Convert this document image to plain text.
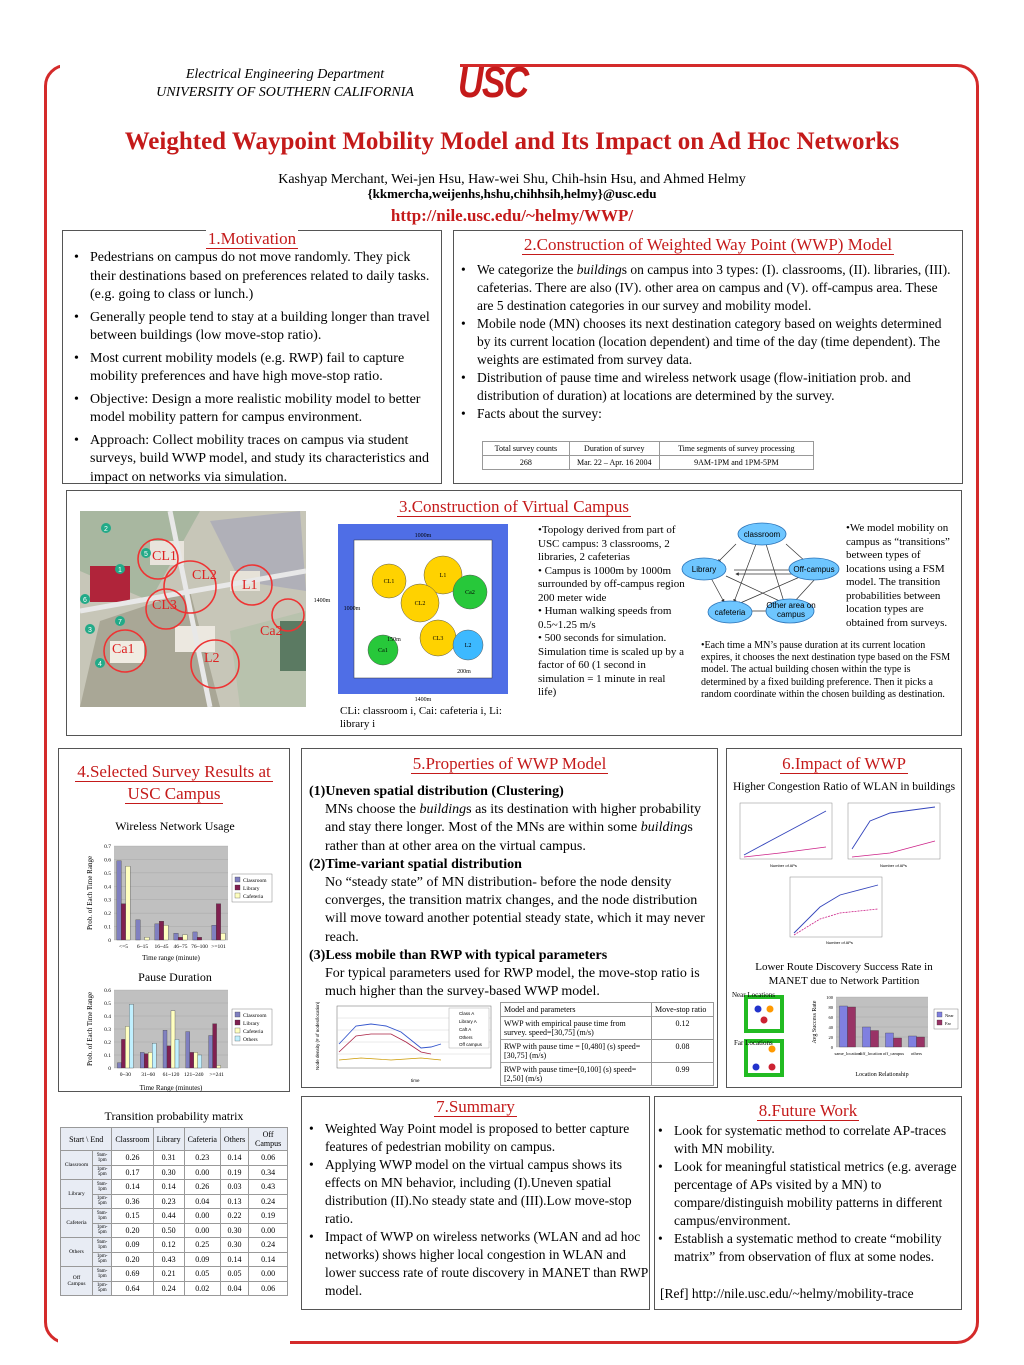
Electrical Engineering Department
UNIVERSITY OF SOUTHERN CALIFORNIA	USC
Weighted Waypoint Mobility Model and Its Impact on Ad Hoc Networks
Kashyap Merchant, Wei-jen Hsu, Haw-wei Shu, Chih-hsin Hsu, and Ahmed Helmy
{kkmercha,weijenhs,hshu,chihhsih,helmy}@usc.edu
http://nile.usc.edu/~helmy/WWP/
1.Motivation
• Pedestrians on campus do not move randomly. They pick their destinations based on preferences related to daily tasks. (e.g. going to class or lunch.)
• Generally people tend to stay at a building longer than travel between buildings (low move-stop ratio).
• Most current mobility models (e.g. RWP) fail to capture mobility preferences and have high move-stop ratio.
• Objective: Design a more realistic mobility model to better model mobility pattern for campus environment.
• Approach: Collect mobility traces on campus via student surveys, build WWP model, and study its characteristics and impact on networks via simulation.
2.Construction of Weighted Way Point (WWP) Model
• We categorize the buildings on campus into 3 types: (I). classrooms, (II). libraries, (III). cafeterias. There are also (IV). other area on campus and (V). off-campus area. These are 5 destination categories in our survey and mobility model.
• Mobile node (MN) chooses its next destination category based on weights determined by its current location (location dependent) and time of the day (time dependent). The weights are estimated from survey data.
• Distribution of pause time and wireless network usage (flow-initiation prob. and distribution of duration) at locations are determined by the survey.
• Facts about the survey:
Total survey counts	Duration of survey	Time segments of survey processing
268	Mar. 22 – Apr. 16 2004	9AM-1PM and 1PM-5PM
3.Construction of Virtual Campus
CL1
CL2
L1
CL3
Ca2
Ca1
L2
2
5
1
6
7
3
4
CL1
L1
Ca2
CL2
CL3
L2
Ca1
1000m
1400m
1000m
1400m
200m
150m
CLi: classroom i, Cai: cafeteria i, Li: library i
•Topology derived from part of USC campus: 3 classrooms, 2 libraries, 2 cafeterias
• Campus is 1000m by 1000m surrounded by off-campus region 200 meter wide
• Human walking speeds from 0.5~1.25 m/s
• 500 seconds for simulation. Simulation time is scaled up by a factor of 60 (1 second in simulation = 1 minute in real life)
classroom
Library	Off-campus
cafeteria
Other area on campus
•We model mobility on campus as “transitions” between types of locations using a FSM model. The transition probabilities between location types are obtained from surveys.
•Each time a MN’s pause duration at its current location expires, it chooses the next destination type based on the FSM model. The actual building chosen within the type is determined by a fixed building preference. Then it picks a random coordinate within the chosen building as destination.
4.Selected Survey Results at
USC Campus
Wireless Network Usage
0
0.1
0.2
0.3
0.4
0.5
0.6
0.7
<=5 6~15 16~45 46~75 76~100 >=101
Classroom
Library
Cafeteria
Time range (minute)
Prob. of Each Time Range
Pause Duration
0
0.1
0.2
0.3
0.4
0.5
0.6
0~30 31~60 61~120 121~240 >=241
Classroom
Library
Cafeteria
Others
Time Range (minutes)
Prob. of Each Time Range
Transition probability matrix
Start \ End		Classroom	Library	Cafeteria	Others	Off Campus
Classroom	9am-1pm	0.26	0.31	0.23	0.14	0.06
	1pm-5pm	0.17	0.30	0.00	0.19	0.34
Library	9am-1pm	0.14	0.14	0.26	0.03	0.43
	1pm-5pm	0.36	0.23	0.04	0.13	0.24
Cafeteria	9am-1pm	0.15	0.44	0.00	0.22	0.19
	1pm-5pm	0.20	0.50	0.00	0.30	0.00
Others	9am-1pm	0.09	0.12	0.25	0.30	0.24
	1pm-5pm	0.20	0.43	0.09	0.14	0.14
Off Campus	9am-1pm	0.69	0.21	0.05	0.05	0.00
	1pm-5pm	0.64	0.24	0.02	0.04	0.06
5.Properties of WWP Model
(1)Uneven spatial distribution (Clustering)
MNs choose the buildings as its destination with higher probability and stay there longer. Most of the MNs are within some buildings rather than at other area on the virtual campus.
(2)Time-variant spatial distribution
No “steady state” of MN distribution- before the node density converges, the transition matrix changes, and the node distribution will move toward another potential steady state, which it may never reach.
(3)Less mobile than RWP with typical parameters
For typical parameters used for RWP model, the move-stop ratio is much higher than the survey-based WWP model.
Class A
Library A
Caft A
Others
Off campus
time
Node density (# of nodes/location)	Model and parameters	Move-stop ratio
WWP with empirical pause time from survey. speed=[30,75] (m/s)	0.12
RWP with pause time = [0,480] (s) speed=[30,75] (m/s)	0.08
RWP with pause time=[0,100] (s) speed=[2,50] (m/s)	0.99
6.Impact of WWP
Higher Congestion Ratio of WLAN in buildings
Number of APs	Number of APs
Number of APs
Lower Route Discovery Success Rate in
MANET due to Network Partition
Near Locations
Far Locations
0
20
40
60
80
100
same_location
diff_location off_campus others
Near
Far
Location Relationship
Avg Success Rate
7.Summary
• Weighted Way Point model is proposed to better capture features of pedestrian mobility on campus.
• Applying WWP model on the virtual campus shows its effects on MN behavior, including (I).Uneven spatial distribution (II).No steady state and (III).Low move-stop ratio.
• Impact of WWP on wireless networks (WLAN and ad hoc networks) shows higher local congestion in WLAN and lower success rate of route discovery in MANET than RWP model.
8.Future Work
• Look for systematic method to correlate AP-traces with MN mobility.
• Look for meaningful statistical metrics (e.g. average percentage of APs visited by a MN) to compare/distinguish mobility patterns in different campus/environment.
• Establish a systematic method to create “mobility matrix” from observation of flux at some nodes.
[Ref] http://nile.usc.edu/~helmy/mobility-trace
